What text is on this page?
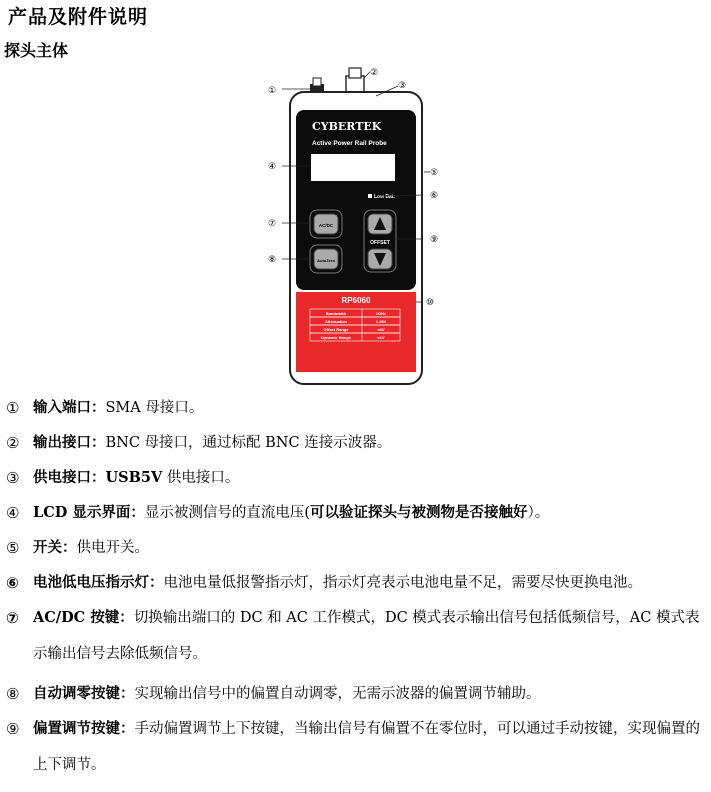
产品及附件说明
探头主体
CYBERTEK
Active Power Rail Probe
Low Bat.
AC/DC
AutoZero
OFFSET
RP6060
Bandwidth	1GHz
Attenuation	1.25X
Offset Range	±6V
Dynamic Range	±1V
①
②
③
④
⑤
⑥
⑦
⑧
⑨
⑩
① 输入端口：SMA 母接口。
② 输出接口：BNC 母接口，通过标配 BNC 连接示波器。
③ 供电接口：USB5V 供电接口。
④ LCD 显示界面：显示被测信号的直流电压(可以验证探头与被测物是否接触好）。
⑤ 开关：供电开关。
⑥ 电池低电压指示灯：电池电量低报警指示灯，指示灯亮表示电池电量不足，需要尽快更换电池。
⑦ AC/DC 按键：切换输出端口的 DC 和 AC 工作模式，DC 模式表示输出信号包括低频信号，AC 模式表示输出信号去除低频信号。
⑧ 自动调零按键：实现输出信号中的偏置自动调零，无需示波器的偏置调节辅助。
⑨ 偏置调节按键：手动偏置调节上下按键，当输出信号有偏置不在零位时，可以通过手动按键，实现偏置的上下调节。
